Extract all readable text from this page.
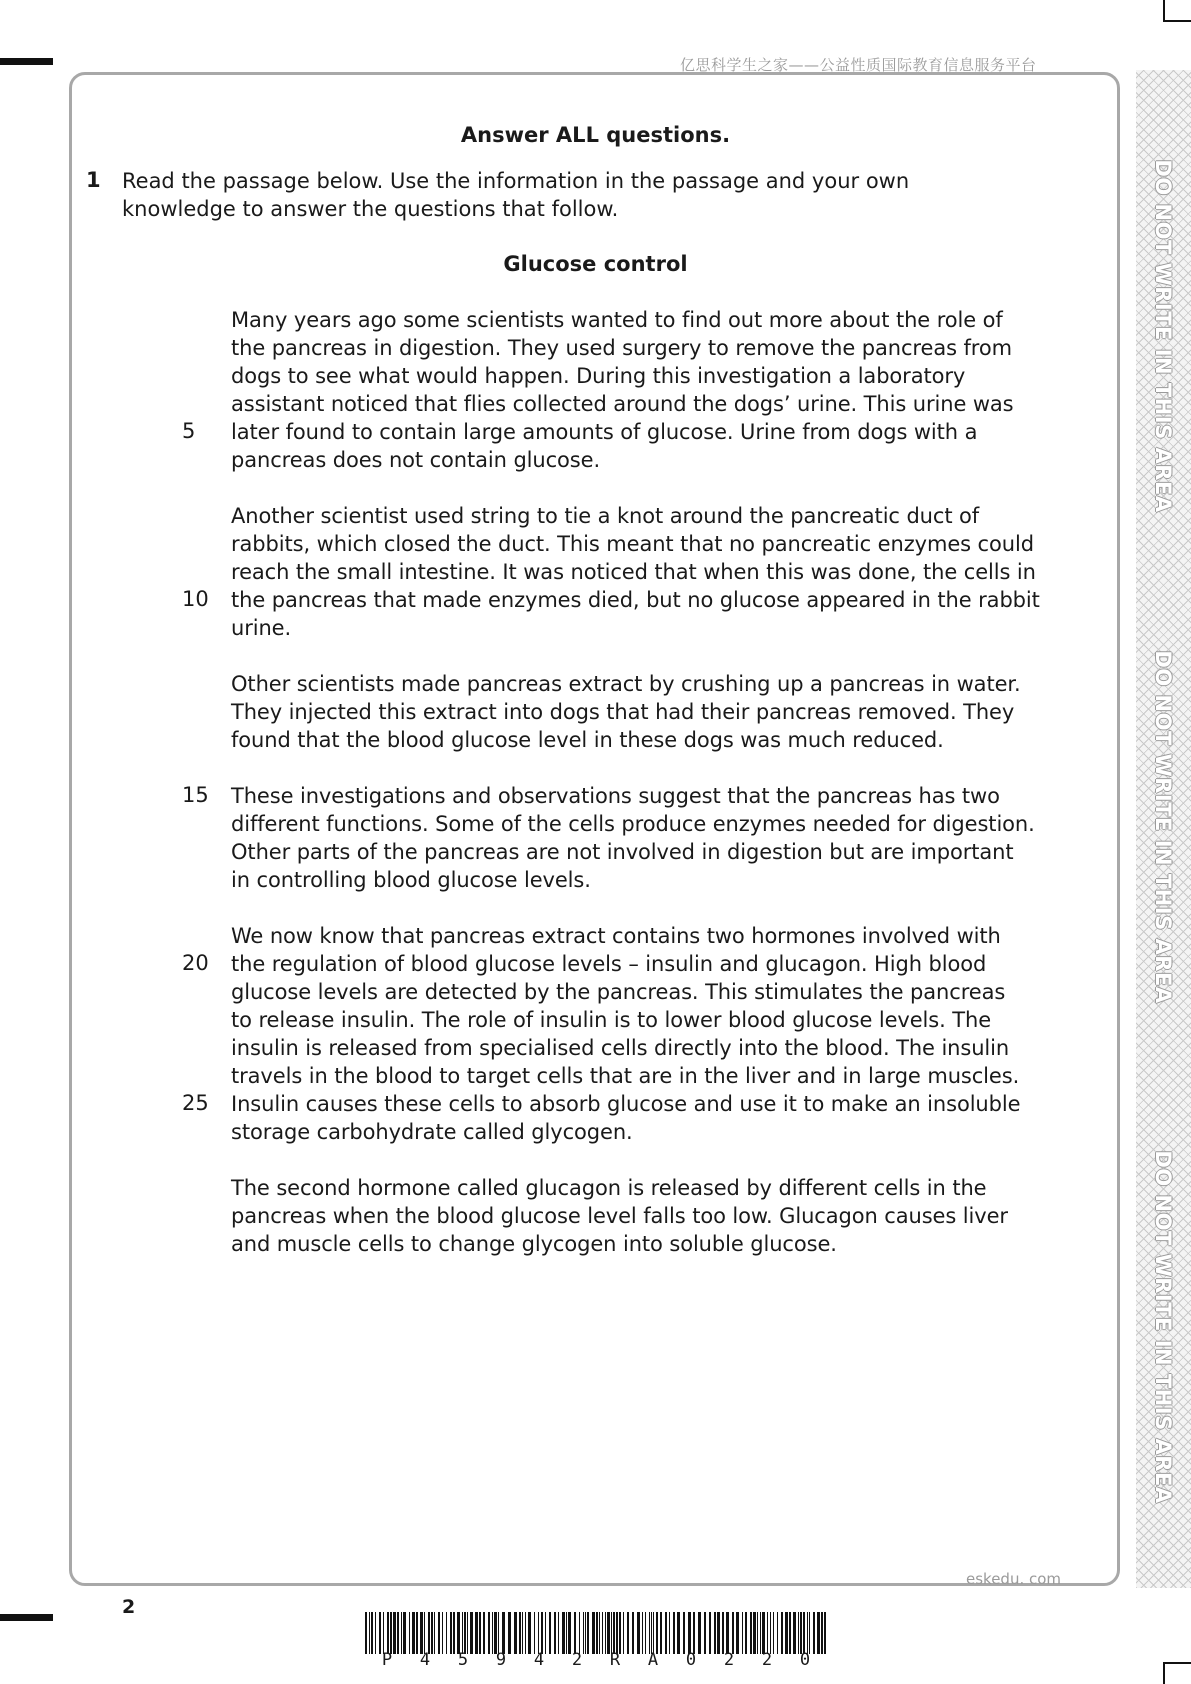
亿思科学生之家——公益性质国际教育信息服务平台
DO NOT WRITE IN THIS AREA
DO NOT WRITE IN THIS AREA
DO NOT WRITE IN THIS AREA
Answer ALL questions.
1 Read the passage below. Use the information in the passage and your own knowledge to answer the questions that follow.
Glucose control
Many years ago some scientists wanted to find out more about the role of
the pancreas in digestion. They used surgery to remove the pancreas from
dogs to see what would happen. During this investigation a laboratory
assistant noticed that flies collected around the dogs’ urine. This urine was
later found to contain large amounts of glucose. Urine from dogs with a
pancreas does not contain glucose.
Another scientist used string to tie a knot around the pancreatic duct of
rabbits, which closed the duct. This meant that no pancreatic enzymes could
reach the small intestine. It was noticed that when this was done, the cells in
the pancreas that made enzymes died, but no glucose appeared in the rabbit
urine.
Other scientists made pancreas extract by crushing up a pancreas in water.
They injected this extract into dogs that had their pancreas removed. They
found that the blood glucose level in these dogs was much reduced.
These investigations and observations suggest that the pancreas has two
different functions. Some of the cells produce enzymes needed for digestion.
Other parts of the pancreas are not involved in digestion but are important
in controlling blood glucose levels.
We now know that pancreas extract contains two hormones involved with
the regulation of blood glucose levels – insulin and glucagon. High blood
glucose levels are detected by the pancreas. This stimulates the pancreas
to release insulin. The role of insulin is to lower blood glucose levels. The
insulin is released from specialised cells directly into the blood. The insulin
travels in the blood to target cells that are in the liver and in large muscles.
Insulin causes these cells to absorb glucose and use it to make an insoluble
storage carbohydrate called glycogen.
The second hormone called glucagon is released by different cells in the
pancreas when the blood glucose level falls too low. Glucagon causes liver
and muscle cells to change glycogen into soluble glucose.
5
10
15
20
25
eskedu. com
2
P 4 5 9 4 2 R A 0 2 2 0
